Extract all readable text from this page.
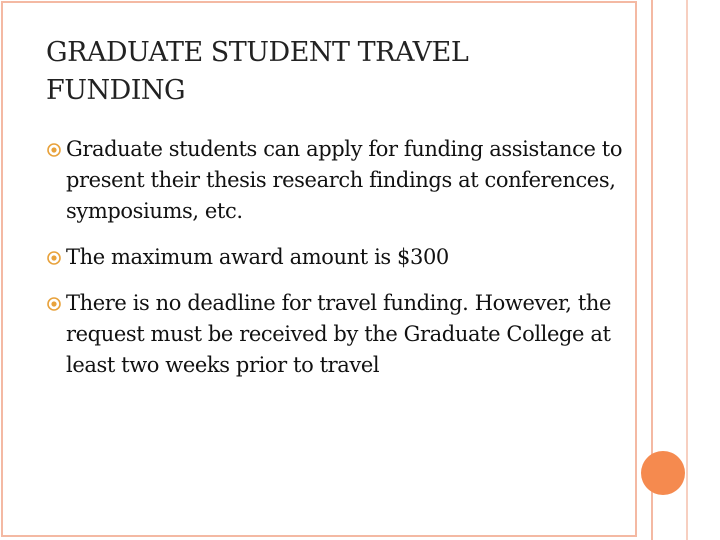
GRADUATE STUDENT TRAVEL FUNDING
Graduate students can apply for funding assistance to present their thesis research findings at conferences, symposiums, etc.
The maximum award amount is $300
There is no deadline for travel funding. However, the request must be received by the Graduate College at least two weeks prior to travel
